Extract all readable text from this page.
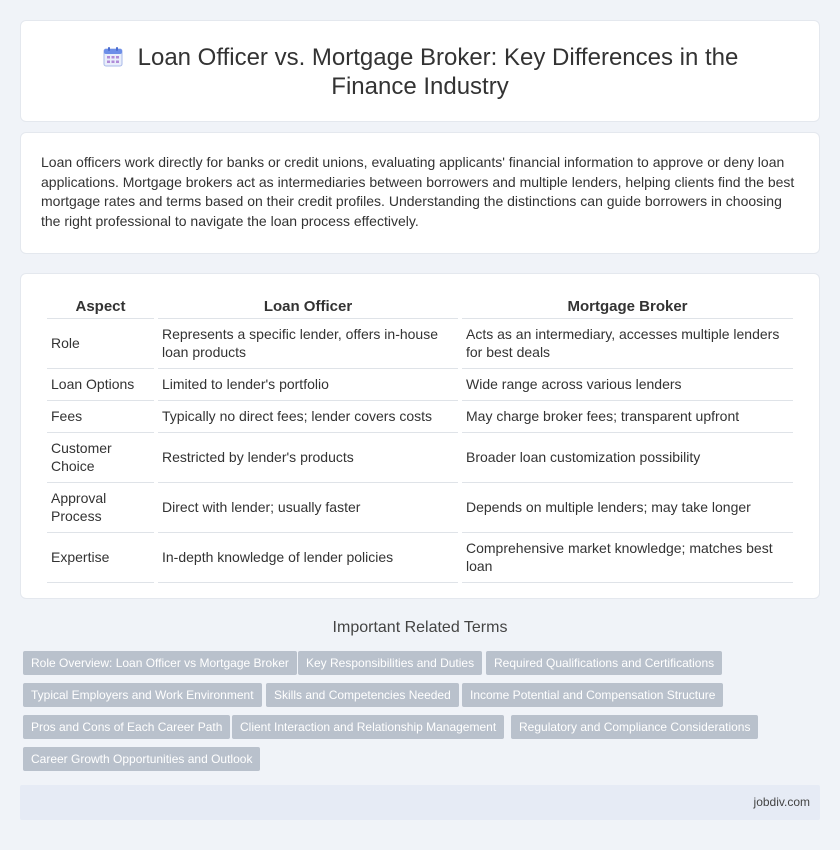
Loan Officer vs. Mortgage Broker: Key Differences in the Finance Industry

Loan officers work directly for banks or credit unions, evaluating applicants' financial information to approve or deny loan applications. Mortgage brokers act as intermediaries between borrowers and multiple lenders, helping clients find the best mortgage rates and terms based on their credit profiles. Understanding the distinctions can guide borrowers in choosing the right professional to navigate the loan process effectively.

Aspect	Loan Officer	Mortgage Broker
Role	Represents a specific lender, offers in-house loan products	Acts as an intermediary, accesses multiple lenders for best deals
Loan Options	Limited to lender's portfolio	Wide range across various lenders
Fees	Typically no direct fees; lender covers costs	May charge broker fees; transparent upfront
Customer Choice	Restricted by lender's products	Broader loan customization possibility
Approval Process	Direct with lender; usually faster	Depends on multiple lenders; may take longer
Expertise	In-depth knowledge of lender policies	Comprehensive market knowledge; matches best loan
Important Related Terms
Role Overview: Loan Officer vs Mortgage Broker	Key Responsibilities and Duties	Required Qualifications and Certifications
Typical Employers and Work Environment	Skills and Competencies Needed	Income Potential and Compensation Structure
Pros and Cons of Each Career Path	Client Interaction and Relationship Management	Regulatory and Compliance Considerations
Career Growth Opportunities and Outlook
jobdiv.com
